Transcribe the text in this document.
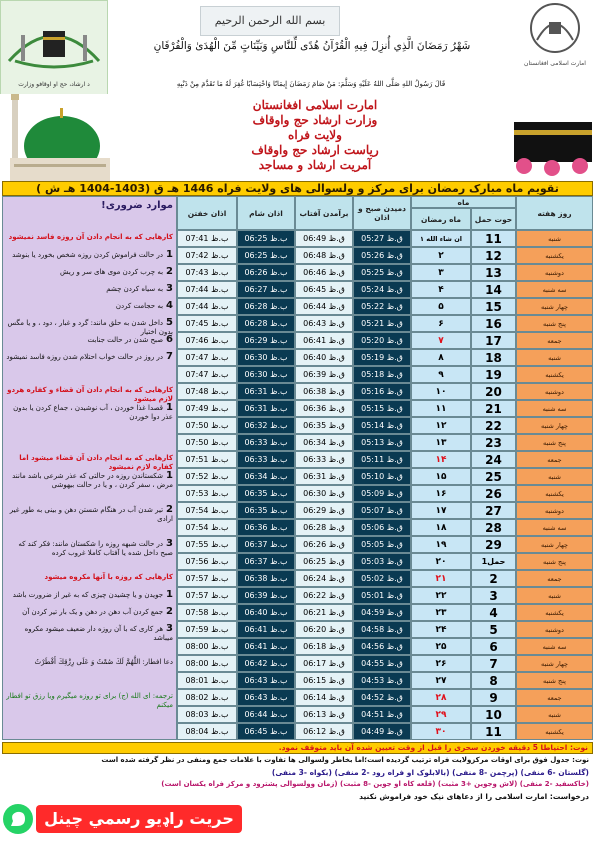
د ارشاد، حج او اوقافو وزارت
امارت اسلامی افغانستان
بسم الله الرحمن الرحيم
شَهْرُ رَمَضَانَ الَّذِي أُنزِلَ فِيهِ الْقُرْآنُ هُدًى لِّلنَّاسِ وَبَيِّنَاتٍ مِّنَ الْهُدَىٰ وَالْفُرْقَانِ
قَالَ رَسُولُ اللهِ صَلَّى اللهُ عَلَيْهِ وَسَلَّمَ: مَنْ صَامَ رَمَضَانَ إِيمَانًا وَاحْتِسَابًا غُفِرَ لَهُ مَا تَقَدَّمَ مِنْ ذَنْبِهِ
امارت اسلامی افغانستان
وزارت ارشاد حج واوقاف
ولایت فراه
ریاست ارشاد حج واوقاف
آمریت ارشاد و مساجد
تقویم ماه مبارک رمضان برای مرکز و ولسوالی های ولایت فراه 1446 هـ ق (1403-1404 هـ ش )
موارد ضروری!
کارهایی که به انجام دادن آن روزه فاسد نمیشود
1در حالت فراموش کردن روزه شخص بخورد یا بنوشد
2به چرب کردن موی های سر و ریش
3به سیاه کردن چشم
4به حجامت کردن
5داخل شدن به حلق مانند: گرد و غبار ، دود ، و یا مگس بدون اختیار
6صبح شدن در حالت جنابت
7در روز در حالت خواب احتلام شدن روزه فاسد نمیشود
کارهایی که به انجام دادن آن قضاء و کفاره هردو لازم میشود
1قصدا غذا خوردن ، آب نوشیدن ، جماع کردن یا بدون عذر دوا خوردن
کارهایی که به انجام دادن آن قضاء میشود اما کفاره لازم نمیشود
1شکستاندن روزه در حالتی که عذر شرعی باشد مانند مرض ، سفر کردن ، و یا در حالت بیهوشی
2تیر شدن آب در هنگام شستن دهن و بینی به طور غیر ارادی
3در حالت شبهه روزه را شکستان مانند: فکر کند که صبح داخل شده یا آفتاب کاملا غروب کرده
کارهایی که روزه با آنها مکروه میشود
1جویدن و یا چشیدن چیزی که به غیر از ضرورت باشد
2جمع کردن آب دهن در دهن و یک بار تیر کردن آن
3هر کاری که با آن روزه دار ضعیف میشود مکروه میباشد
دعا افطار: اللَّهُمَّ لَكَ صُمْتُ وَ عَلَى رِزْقِكَ أَفْطَرْتُ
ترجمه: ای الله (ج) برای تو روزه میگیرم ویا رزق تو افطار میکنم
اذان خفتن	اذان شام	برآمدن آفتاب	دمیدن صبح و اذان
ماه
ماه رمضان	حوت حمل
روز هفته
07:41 ب.ظ	06:25 ب.ظ	06:49 ق.ظ	05:27 ق.ظ	۱ ان شاء الله	11	شنبه
07:42 ب.ظ	06:25 ب.ظ	06:48 ق.ظ	05:26 ق.ظ	۲	12	یکشنبه
07:43 ب.ظ	06:26 ب.ظ	06:46 ق.ظ	05:25 ق.ظ	۳	13	دوشنبه
07:44 ب.ظ	06:27 ب.ظ	06:45 ق.ظ	05:24 ق.ظ	۴	14	سه شنبه
07:44 ب.ظ	06:28 ب.ظ	06:44 ق.ظ	05:22 ق.ظ	۵	15	چهار شنبه
07:45 ب.ظ	06:28 ب.ظ	06:43 ق.ظ	05:21 ق.ظ	۶	16	پنج شنبه
07:46 ب.ظ	06:29 ب.ظ	06:41 ق.ظ	05:20 ق.ظ	۷	17	جمعه
07:47 ب.ظ	06:30 ب.ظ	06:40 ق.ظ	05:19 ق.ظ	۸	18	شنبه
07:47 ب.ظ	06:30 ب.ظ	06:39 ق.ظ	05:18 ق.ظ	۹	19	یکشنبه
07:48 ب.ظ	06:31 ب.ظ	06:38 ق.ظ	05:16 ق.ظ	۱۰	20	دوشنبه
07:49 ب.ظ	06:31 ب.ظ	06:36 ق.ظ	05:15 ق.ظ	۱۱	21	سه شنبه
07:50 ب.ظ	06:32 ب.ظ	06:35 ق.ظ	05:14 ق.ظ	۱۲	22	چهار شنبه
07:50 ب.ظ	06:33 ب.ظ	06:34 ق.ظ	05:13 ق.ظ	۱۳	23	پنج شنبه
07:51 ب.ظ	06:33 ب.ظ	06:33 ق.ظ	05:11 ق.ظ	۱۴	24	جمعه
07:52 ب.ظ	06:34 ب.ظ	06:31 ق.ظ	05:10 ق.ظ	۱۵	25	شنبه
07:53 ب.ظ	06:35 ب.ظ	06:30 ق.ظ	05:09 ق.ظ	۱۶	26	یکشنبه
07:54 ب.ظ	06:35 ب.ظ	06:29 ق.ظ	05:07 ق.ظ	۱۷	27	دوشنبه
07:54 ب.ظ	06:36 ب.ظ	06:28 ق.ظ	05:06 ق.ظ	۱۸	28	سه شنبه
07:55 ب.ظ	06:37 ب.ظ	06:26 ق.ظ	05:05 ق.ظ	۱۹	29	چهار شنبه
07:56 ب.ظ	06:37 ب.ظ	06:25 ق.ظ	05:03 ق.ظ	۲۰	1حمل	پنج شنبه
07:57 ب.ظ	06:38 ب.ظ	06:24 ق.ظ	05:02 ق.ظ	۲۱	2	جمعه
07:57 ب.ظ	06:39 ب.ظ	06:22 ق.ظ	05:01 ق.ظ	۲۲	3	شنبه
07:58 ب.ظ	06:40 ب.ظ	06:21 ق.ظ	04:59 ق.ظ	۲۳	4	یکشنبه
07:59 ب.ظ	06:41 ب.ظ	06:20 ق.ظ	04:58 ق.ظ	۲۴	5	دوشنبه
08:00 ب.ظ	06:41 ب.ظ	06:18 ق.ظ	04:56 ق.ظ	۲۵	6	سه شنبه
08:00 ب.ظ	06:42 ب.ظ	06:17 ق.ظ	04:55 ق.ظ	۲۶	7	چهار شنبه
08:01 ب.ظ	06:43 ب.ظ	06:15 ق.ظ	04:53 ق.ظ	۲۷	8	پنج شنبه
08:02 ب.ظ	06:43 ب.ظ	06:14 ق.ظ	04:52 ق.ظ	۲۸	9	جمعه
08:03 ب.ظ	06:44 ب.ظ	06:13 ق.ظ	04:51 ق.ظ	۲۹	10	شنبه
08:04 ب.ظ	06:45 ب.ظ	06:12 ق.ظ	04:49 ق.ظ	۳۰	11	یکشنبه
نوت: احتیاطا 5 دقیقه خوردن سحری را قبل از وقت تعیین شده آن باید متوقف نمود.
نوت: جدول فوق برای اوقات مرکزولایت فراه ترتیب گردیده است؛اما بخاطر ولسوالی ها تفاوت با علامات جمع ومنفی در نظر گرفته شده است
(گلستان -6 منفی) (پرچمن -8 منفی) (بالابلوک او فراه رود -2 منفی) (بکواه -3 منفی)
(خاکسفید -2 منفی) (لاش وجوین +3 مثبت) (قلعه کاه او جوین -8 مثبت) (زمان وولسوالی پشترود و مرکز فراه یکسان است)
درخواست: امارت اسلامی را از دعاهای نیک خود فراموش نکنید
حريت راډيو رسمي چينل
